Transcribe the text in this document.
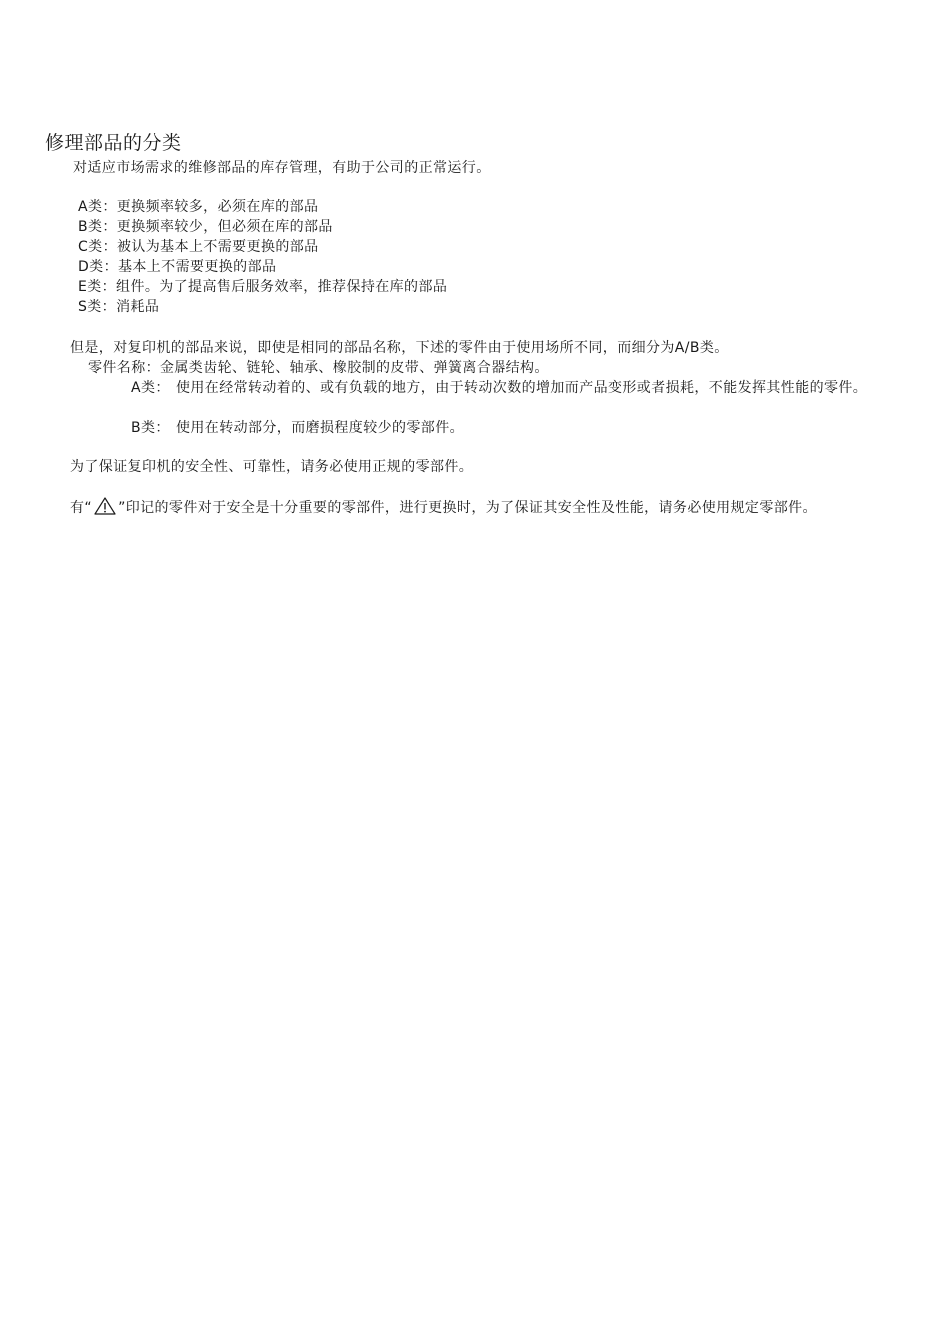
修理部品的分类
对适应市场需求的维修部品的库存管理，有助于公司的正常运行。
A类：更换频率较多，必须在库的部品
B类：更换频率较少，但必须在库的部品
C类：被认为基本上不需要更换的部品
D类：基本上不需要更换的部品
E类：组件。为了提高售后服务效率，推荐保持在库的部品
S类：消耗品
但是，对复印机的部品来说，即使是相同的部品名称，下述的零件由于使用场所不同，而细分为A/B类。
零件名称：金属类齿轮、链轮、轴承、橡胶制的皮带、弹簧离合器结构。
A类： 使用在经常转动着的、或有负载的地方，由于转动次数的增加而产品变形或者损耗，不能发挥其性能的零件。
B类： 使用在转动部分，而磨损程度较少的零部件。
为了保证复印机的安全性、可靠性，请务必使用正规的零部件。
有“ ”印记的零件对于安全是十分重要的零部件，进行更换时，为了保证其安全性及性能，请务必使用规定零部件。
